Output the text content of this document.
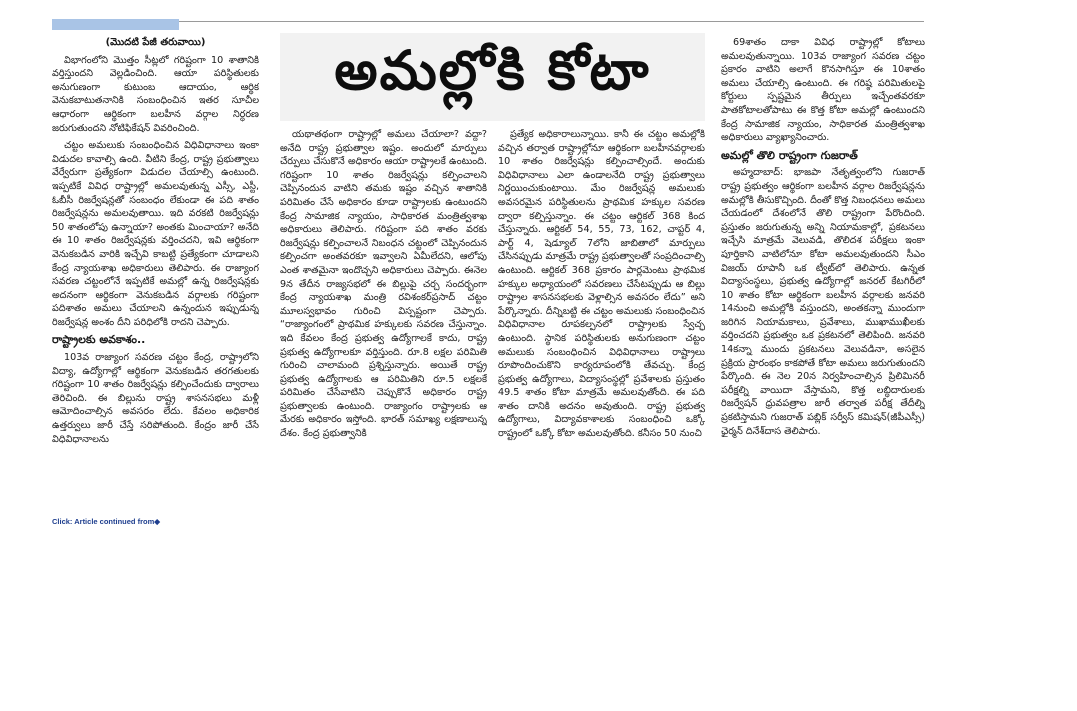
(మొదటి పేజీ తరువాయి)

విభాగంలోని మొత్తం సీట్లలో గరిష్టంగా 10 శాతానికి వర్తిస్తుందని వెల్లడించింది. ఆయా పరిస్థితులకు అనుగుణంగా కుటుంబ ఆదాయం, ఆర్థిక వెనుకబాటుతనానికి సంబంధించిన ఇతర సూచీల ఆధారంగా ఆర్థికంగా బలహీన వర్గాల నిర్ధరణ జరుగుతుందని నోటిఫికేషన్ వివరించింది.

చట్టం అమలుకు సంబంధించిన విధివిధానాలు ఇంకా విడుదల కావాల్సి ఉంది. వీటిని కేంద్ర, రాష్ట్ర ప్రభుత్వాలు వేర్వేరుగా ప్రత్యేకంగా విడుదల చేయాల్సి ఉంటుంది. ఇప్పటికే వివిధ రాష్ట్రాల్లో అమలవుతున్న ఎస్సీ, ఎస్టీ, ఓబీసీ రిజర్వేషన్లతో సంబంధం లేకుండా ఈ పది శాతం రిజర్వేషన్లను అమలవుతాయి. ఇది వరకటి రిజర్వేషన్లు 50 శాతంలోపు ఉన్నాయా? అంతకు మించాయా? అనేది ఈ 10 శాతం రిజర్వేషన్లకు వర్తించదని, ఇవి ఆర్థికంగా వెనుకబడిన వారికి ఇచ్చేవి కాబట్టి ప్రత్యేకంగా చూడాలని కేంద్ర న్యాయశాఖ అధికారులు తెలిపారు. ఈ రాజ్యాంగ సవరణ చట్టంలోనే ఇప్పటికే అమల్లో ఉన్న రిజర్వేషన్లకు అదనంగా ఆర్థికంగా వెనుకబడిన వర్గాలకు గరిష్టంగా పదిశాతం అమలు చేయాలని ఉన్నందున ఇప్పుడున్న రిజర్వేషన్ల అంశం దీని పరిధిలోకి రాదని చెప్పారు.

రాష్ట్రాలకు అవకాశం..

103వ రాజ్యాంగ సవరణ చట్టం కేంద్ర, రాష్ట్రాలోని విద్యా, ఉద్యోగాల్లో ఆర్థికంగా వెనుకబడిన తరగతులకు గరిష్టంగా 10 శాతం రిజర్వేషన్లు కల్పించేందుకు ద్వారాలు తెరిచింది. ఈ బిల్లును రాష్ట్ర శాసనసభలు మళ్లీ ఆమోదించాల్సిన అవసరం లేదు. కేవలం అధికారిక ఉత్తర్వులు జారీ చేస్తే సరిపోతుంది. కేంద్రం జారీ చేసే విధివిధానాలను

అమల్లోకి కోటా

యథాతథంగా రాష్ట్రాల్లో అమలు చేయాలా? వద్దా? అనేది రాష్ట్ర ప్రభుత్వాల ఇష్టం. అందులో మార్పులు చేర్పులు చేసుకొనే అధికారం ఆయా రాష్ట్రాలకే ఉంటుంది. గరిష్టంగా 10 శాతం రిజర్వేషన్లు కల్పించాలని చెప్పినందున వాటిని తమకు ఇష్టం వచ్చిన శాతానికి పరిమితం చేసే అధికారం కూడా రాష్ట్రాలకు ఉంటుందని కేంద్ర సామాజిక న్యాయం, సాధికారత మంత్రిత్వశాఖ అధికారులు తెలిపారు. గరిష్టంగా పది శాతం వరకు రిజర్వేషన్లు కల్పించాలనే నిబంధన చట్టంలో చెప్పినందున కల్పించగా అంతవరకూ ఇవ్వాలని ఏమీలేదని, ఆలోపు ఎంత శాతమైనా ఇందొచ్చని అధికారులు చెప్పారు. ఈనెల 9న తేదీన రాజ్యసభలో ఈ బిల్లుపై చర్చ సందర్భంగా కేంద్ర న్యాయశాఖ మంత్రి రవిశంకర్‌ప్రసాద్ చట్టం మూలస్వభావం గురించి విస్పష్టంగా చెప్పారు. “రాజ్యాంగంలో ప్రాథమిక హక్కులకు సవరణ చేస్తున్నాం. ఇది కేవలం కేంద్ర ప్రభుత్వ ఉద్యోగాలకే కాదు, రాష్ట్ర ప్రభుత్వ ఉద్యోగాలకూ వర్తిస్తుంది. రూ.8 లక్షల పరిమితి గురించి చాలామంది ప్రశ్నిస్తున్నారు. అయితే రాష్ట్ర ప్రభుత్వ ఉద్యోగాలకు ఆ పరిమితిని రూ.5 లక్షలకే పరిమితం చేసేవాటిని చెప్పుకొనే అధికారం రాష్ట్ర ప్రభుత్వాలకు ఉంటుంది. రాజ్యాంగం రాష్ట్రాలకు ఆ మేరకు అధికారం ఇస్తోంది. భారత్ సమాఖ్య లక్షణాలున్న దేశం. కేంద్ర ప్రభుత్వానికి

ప్రత్యేక అధికారాలున్నాయి. కానీ ఈ చట్టం అమల్లోకి వచ్చిన తర్వాత రాష్ట్రాల్లోనూ ఆర్థికంగా బలహీనవర్గాలకు 10 శాతం రిజర్వేషన్లు కల్పించాల్సిందే. అందుకు విధివిధానాలు ఎలా ఉండాలనేది రాష్ట్ర ప్రభుత్వాలు నిర్ణయించుకుంటాయి. మేం రిజర్వేషన్ల అమలుకు అవసరమైన పరిస్థితులను ప్రాథమిక హక్కుల సవరణ ద్వారా కల్పిస్తున్నాం. ఈ చట్టం ఆర్టికల్ 368 కింద చేస్తున్నారు. ఆర్టికల్ 54, 55, 73, 162, చాప్టర్ 4, పార్ట్ 4, షెడ్యూల్ 7లోని జాబితాలో మార్పులు చేసినప్పుడు మాత్రమే రాష్ట్ర ప్రభుత్వాలతో సంప్రదించాల్సి ఉంటుంది. ఆర్టికల్ 368 ప్రకారం పార్లమెంటు ప్రాథమిక హక్కుల అధ్యాయంలో సవరణలు చేసేటప్పుడు ఆ బిల్లు రాష్ట్రాల శాసనసభలకు వెళ్లాల్సిన అవసరం లేదు” అని పేర్కొన్నారు. దీన్నిబట్టి ఈ చట్టం అమలుకు సంబంధించిన విధివిధానాల రూపకల్పనలో రాష్ట్రాలకు స్వేచ్ఛ ఉంటుంది. స్థానిక పరిస్థితులకు అనుగుణంగా చట్టం అమలుకు సంబంధించిన విధివిధానాలు రాష్ట్రాలు రూపొందించుకొని కార్యరూపంలోకి తేవచ్చు. కేంద్ర ప్రభుత్వ ఉద్యోగాలు, విద్యాసంస్థల్లో ప్రవేశాలకు ప్రస్తుతం 49.5 శాతం కోటా మాత్రమే అమలవుతోంది. ఈ పది శాతం దానికి అదనం అవుతుంది. రాష్ట్ర ప్రభుత్వ ఉద్యోగాలు, విద్యావకాశాలకు సంబంధించి ఒక్కో రాష్ట్రంలో ఒక్కో కోటా అమలవుతోంది. కనీసం 50 నుంచి

69శాతం దాకా వివిధ రాష్ట్రాల్లో కోటాలు అమలవుతున్నాయి. 103వ రాజ్యాంగ సవరణ చట్టం ప్రకారం వాటిని అలాగే కొనసాగిస్తూ ఈ 10శాతం అమలు చేయాల్సి ఉంటుంది. ఈ గరిష్ఠ పరిమితులపై కోర్టులు స్పష్టమైన తీర్పులు ఇచ్చేంతవరకూ పాతకోటాలతోపాటు ఈ కొత్త కోటా అమల్లో ఉంటుందని కేంద్ర సామాజిక న్యాయం, సాధికారత మంత్రిత్వశాఖ అధికారులు వ్యాఖ్యానించారు.

అమల్లో తొలి రాష్ట్రంగా గుజరాత్

అహ్మదాబాద్: భాజపా నేతృత్వంలోని గుజరాత్ రాష్ట్ర ప్రభుత్వం ఆర్థికంగా బలహీన వర్గాల రిజర్వేషన్లను అమల్లోకి తీసుకొచ్చింది. దీంతో కొత్త నిబంధనలు అమలు చేయడంలో దేశంలోనే తొలి రాష్ట్రంగా పేరొందింది. ప్రస్తుతం జరుగుతున్న అన్ని నియామకాల్లో, ప్రకటనలు ఇచ్చేసి మాత్రమే వెలువడి, తొలిదశ పరీక్షలు ఇంకా పూర్తికాని వాటిలోనూ కోటా అమలవుతుందని సీఎం విజయ్ రూపానీ ఒక ట్వీట్‌లో తెలిపారు. ఉన్నత విద్యాసంస్థలు, ప్రభుత్వ ఉద్యోగాల్లో జనరల్ కేటగిరీలో 10 శాతం కోటా ఆర్థికంగా బలహీన వర్గాలకు జనవరి 14నుంచి అమల్లోకి వస్తుందని, అంతకన్నా ముందుగా జరిగిన నియామకాలు, ప్రవేశాలు, ముఖాముఖీలకు వర్తించదని ప్రభుత్వం ఒక ప్రకటనలో తెలిపింది. జనవరి 14కన్నా ముందు ప్రకటనలు వెలువడినా, అసలైన ప్రక్రియ ప్రారంభం కాకపోతే కోటా అమలు జరుగుతుందని పేర్కొంది. ఈ నెల 20న నిర్వహించాల్సిన ప్రిలిమినరీ పరీక్షల్ని వాయిదా వేస్తామని, కొత్త లబ్ధిదారులకు రిజర్వేషన్ ధ్రువపత్రాల జారీ తర్వాత పరీక్ష తేదీల్ని ప్రకటిస్తామని గుజరాత్ పబ్లిక్ సర్వీస్ కమిషన్(జీపీఎస్సీ) ఛైర్మన్ దినేశ్‌దాస తెలిపారు.

Click: Article continued from◆
